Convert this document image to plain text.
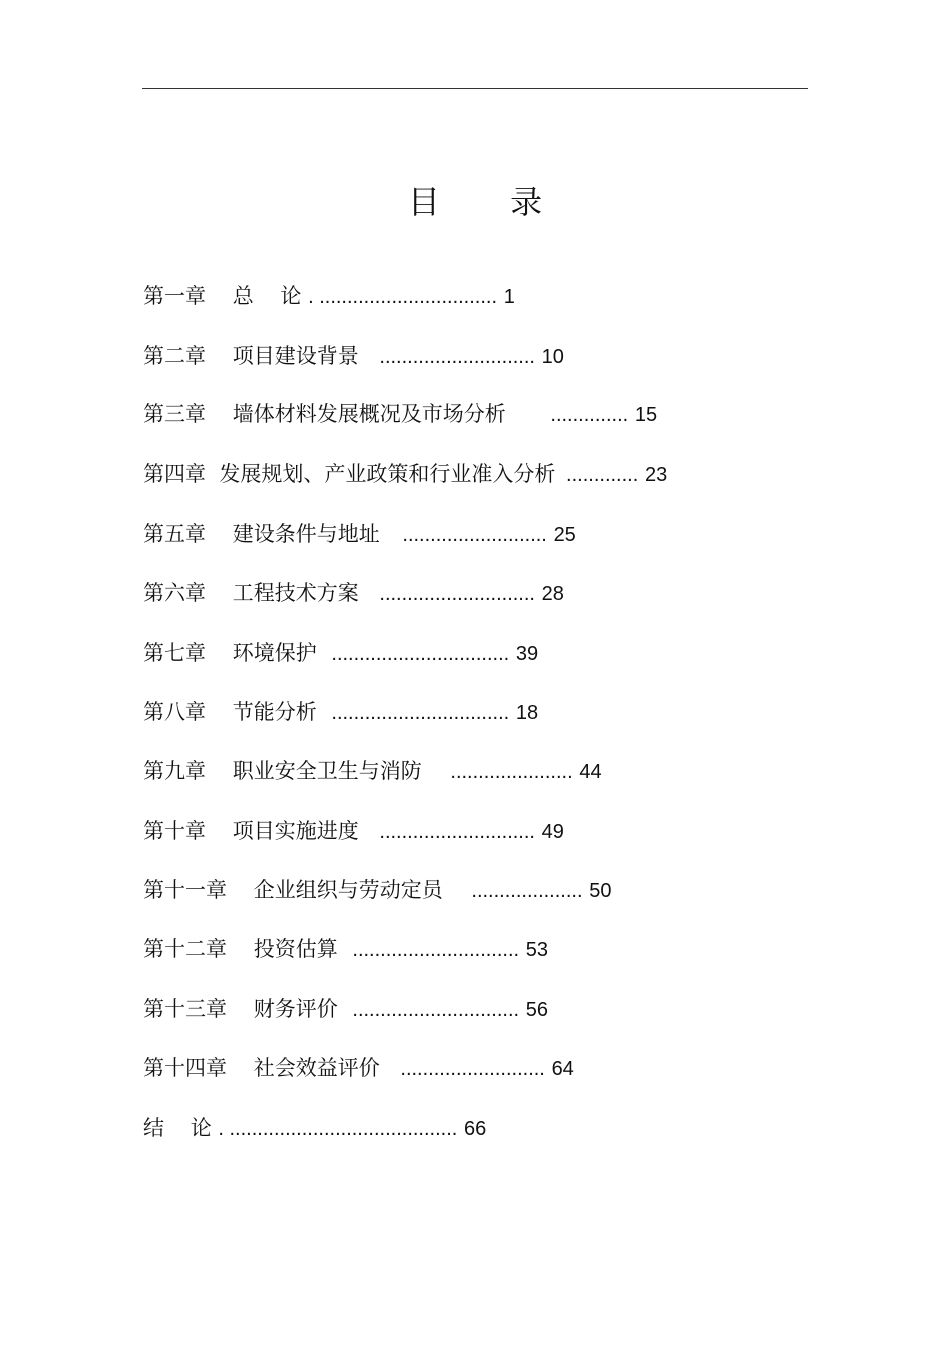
目 录
第一章    总    论 . ................................ 1
第二章    项目建设背景 ............................ 10
第三章    墙体材料发展概况及市场分析 .............. 15
第四章  发展规划、产业政策和行业准入分析 ............. 23
第五章    建设条件与地址 .......................... 25
第六章    工程技术方案 ............................ 28
第七章    环境保护 ................................ 39
第八章    节能分析 ................................ 18
第九章    职业安全卫生与消防 ...................... 44
第十章    项目实施进度 ............................ 49
第十一章    企业组织与劳动定员 .................... 50
第十二章    投资估算 .............................. 53
第十三章    财务评价 .............................. 56
第十四章    社会效益评价 .......................... 64
结    论 . ......................................... 66
